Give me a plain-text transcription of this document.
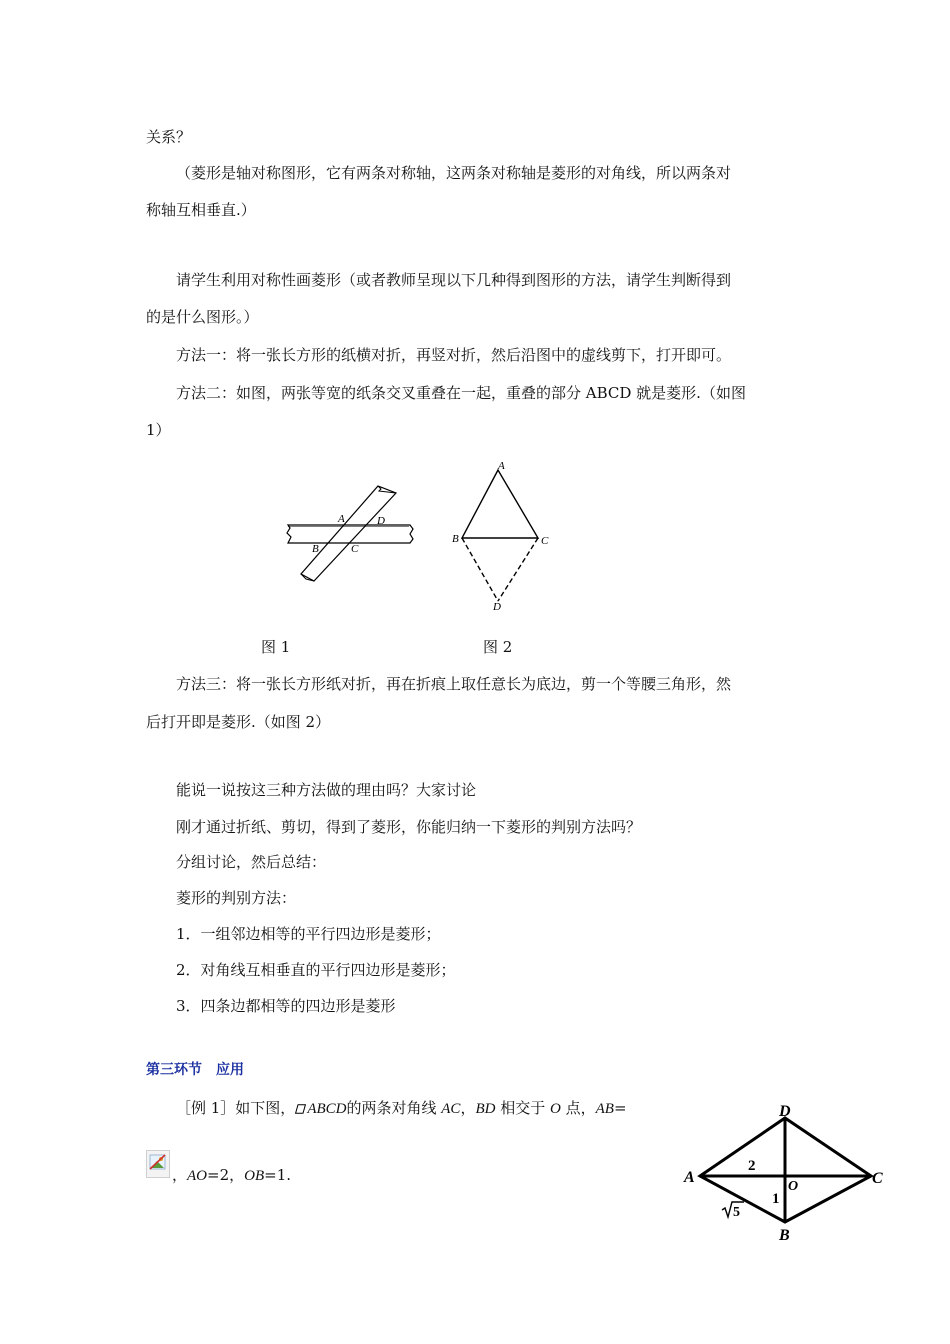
关系？
（菱形是轴对称图形，它有两条对称轴，这两条对称轴是菱形的对角线，所以两条对
称轴互相垂直.）
请学生利用对称性画菱形（或者教师呈现以下几种得到图形的方法，请学生判断得到
的是什么图形。）
方法一：将一张长方形的纸横对折，再竖对折，然后沿图中的虚线剪下，打开即可。
方法二：如图，两张等宽的纸条交叉重叠在一起，重叠的部分 ABCD 就是菱形.（如图
1）
A	D
B	C
A
B	C
D
图 1	图 2
方法三：将一张长方形纸对折，再在折痕上取任意长为底边，剪一个等腰三角形，然
后打开即是菱形.（如图 2）
能说一说按这三种方法做的理由吗？大家讨论
刚才通过折纸、剪切，得到了菱形，你能归纳一下菱形的判别方法吗？
分组讨论，然后总结：
菱形的判别方法：
1．一组邻边相等的平行四边形是菱形；
2．对角线互相垂直的平行四边形是菱形；
3．四条边都相等的四边形是菱形
第三环节　应用
［例 1］如下图， ABCD的两条对角线 AC，BD 相交于 O 点，AB=
，AO=2，OB=1.
D
A	C
B
O
2
1
5
